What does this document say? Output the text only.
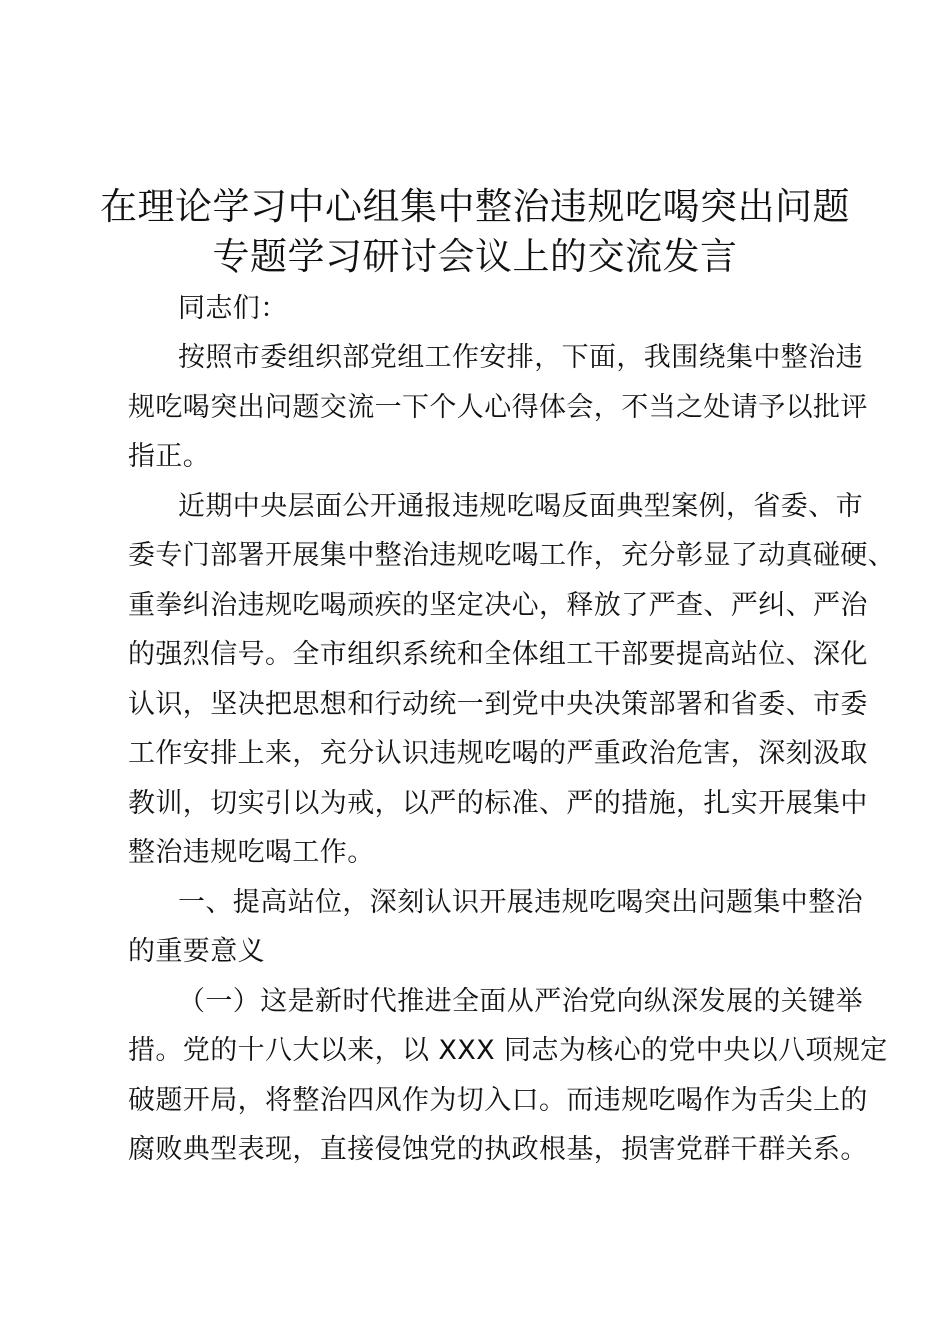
在理论学习中心组集中整治违规吃喝突出问题
专题学习研讨会议上的交流发言
同志们：
按照市委组织部党组工作安排，下面，我围绕集中整治违
规吃喝突出问题交流一下个人心得体会，不当之处请予以批评
指正。
近期中央层面公开通报违规吃喝反面典型案例，省委、市
委专门部署开展集中整治违规吃喝工作，充分彰显了动真碰硬、
重拳纠治违规吃喝顽疾的坚定决心，释放了严查、严纠、严治
的强烈信号。全市组织系统和全体组工干部要提高站位、深化
认识，坚决把思想和行动统一到党中央决策部署和省委、市委
工作安排上来，充分认识违规吃喝的严重政治危害，深刻汲取
教训，切实引以为戒，以严的标准、严的措施，扎实开展集中
整治违规吃喝工作。
一、提高站位，深刻认识开展违规吃喝突出问题集中整治
的重要意义
（一）这是新时代推进全面从严治党向纵深发展的关键举
措。党的十八大以来，以 XXX 同志为核心的党中央以八项规定
破题开局，将整治四风作为切入口。而违规吃喝作为舌尖上的
腐败典型表现，直接侵蚀党的执政根基，损害党群干群关系。
